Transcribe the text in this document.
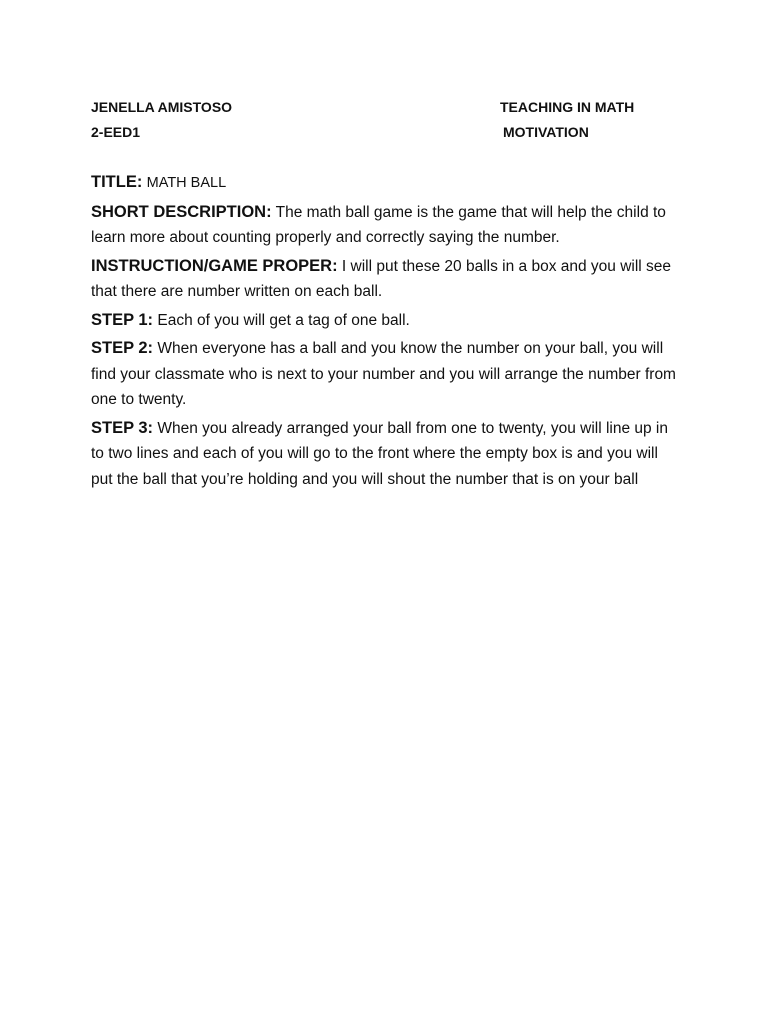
JENELLA AMISTOSO
2-EED1
TEACHING IN MATH
MOTIVATION

TITLE: MATH BALL

SHORT DESCRIPTION: The math ball game is the game that will help the child to learn more about counting properly and correctly saying the number.

INSTRUCTION/GAME PROPER: I will put these 20 balls in a box and you will see that there are number written on each ball.

STEP 1: Each of you will get a tag of one ball.

STEP 2: When everyone has a ball and you know the number on your ball, you will find your classmate who is next to your number and you will arrange the number from one to twenty.

STEP 3: When you already arranged your ball from one to twenty, you will line up in to two lines and each of you will go to the front where the empty box is and you will put the ball that you’re holding and you will shout the number that is on your ball
